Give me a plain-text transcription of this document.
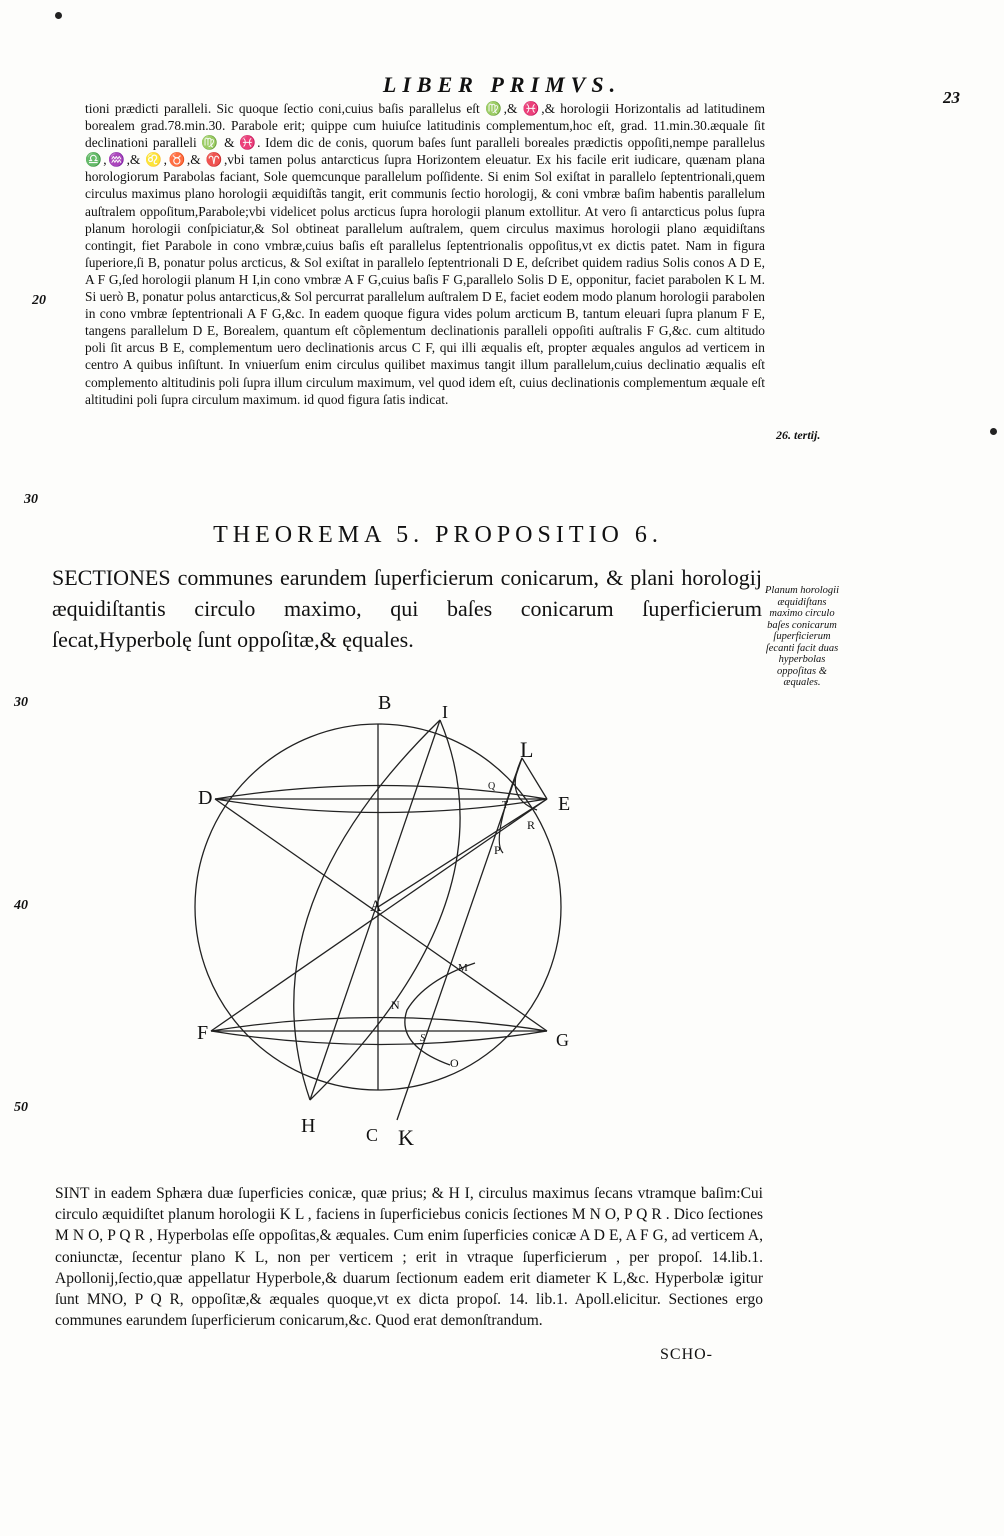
LIBER PRIMVS.
23

tioni prædicti paralleli. Sic quoque ſectio coni,cuius baſis parallelus eſt ♍,& ♓,& horologii Horizontalis ad latitudinem borealem grad.78.min.30. Parabole erit; quippe cum huiuſce latitudinis complementum,hoc eſt, grad. 11.min.30.æquale ſit declinationi paralleli ♍ & ♓. Idem dic de conis, quorum baſes ſunt paralleli boreales prædictis oppoſiti,nempe parallelus ♎,♒,& ♌,♉,& ♈,vbi tamen polus antarcticus ſupra Horizontem eleuatur. Ex his facile erit iudicare, quænam plana horologiorum Parabolas faciant, Sole quemcunque parallelum poſſidente. Si enim Sol exiſtat in parallelo ſeptentrionali,quem circulus maximus plano horologii æquidiſtãs tangit, erit communis ſectio horologij, & coni vmbræ baſim habentis parallelum auſtralem oppoſitum,Parabole;vbi videlicet polus arcticus ſupra horologii planum extollitur. At vero ſi antarcticus polus ſupra planum horologii conſpiciatur,& Sol obtineat parallelum auſtralem, quem circulus maximus horologii plano æquidiſtans contingit, fiet Parabole in cono vmbræ,cuius baſis eſt parallelus ſeptentrionalis oppoſitus,vt ex dictis patet. Nam in figura ſuperiore,ſi B, ponatur polus arcticus, & Sol exiſtat in parallelo ſeptentrionali D E, deſcribet quidem radius Solis conos A D E, A F G,ſed horologii planum H I,in cono vmbræ A F G,cuius baſis F G,parallelo Solis D E, opponitur, faciet parabolen K L M. Si uerò B, ponatur polus antarcticus,& Sol percurrat parallelum auſtralem D E, faciet eodem modo planum horologii parabolen in cono vmbræ ſeptentrionali A F G,&c. In eadem quoque figura vides polum arcticum B, tantum eleuari ſupra planum F E, tangens parallelum D E, Borealem, quantum eſt cõplementum declinationis paralleli oppoſiti auſtralis F G,&c. cum altitudo poli ſit arcus B E, complementum uero declinationis arcus C F, qui illi æqualis eſt, propter æquales angulos ad verticem in centro A quibus inſiſtunt. In vniuerſum enim circulus quilibet maximus tangit illum parallelum,cuius declinatio æqualis eſt complemento altitudinis poli ſupra illum circulum maximum, vel quod idem eſt, cuius declinationis complementum æquale eſt altitudini poli ſupra circulum maximum. id quod figura ſatis indicat.

20
30
30
40
50
26. tertij.
THEOREMA 5. PROPOSITIO 6.

SECTIONES communes earundem ſuperficierum conicarum, & plani horologij æquidiſtantis circulo maximo, qui baſes conicarum ſuperficierum ſecat,Hyperbolę ſunt oppoſitæ,& ęquales.

Planum horologii æquidiſtans maximo circulo baſes conicarum ſuperficierum ſecanti facit duas hyperbolas oppoſitas & æquales.
B	I
L
Q
T
D	E
R
P
A
M
N
F	G
S
O
H	C K

SINT in eadem Sphæra duæ ſuperficies conicæ, quæ prius; & H I, circulus maximus ſecans vtramque baſim:Cui circulo æquidiſtet planum horologii K L , faciens in ſuperficiebus conicis ſectiones M N O, P Q R . Dico ſectiones M N O, P Q R , Hyperbolas eſſe oppoſitas,& æquales. Cum enim ſuperficies conicæ A D E, A F G, ad verticem A, coniunctæ, ſecentur plano K L, non per verticem ; erit in vtraque ſuperficierum , per propoſ. 14.lib.1. Apollonij,ſectio,quæ appellatur Hyperbole,& duarum ſectionum eadem erit diameter K L,&c. Hyperbolæ igitur ſunt MNO, P Q R, oppoſitæ,& æquales quoque,vt ex dicta propoſ. 14. lib.1. Apoll.elicitur. Sectiones ergo communes earundem ſuperficierum conicarum,&c. Quod erat demonſtrandum.

SCHO-
